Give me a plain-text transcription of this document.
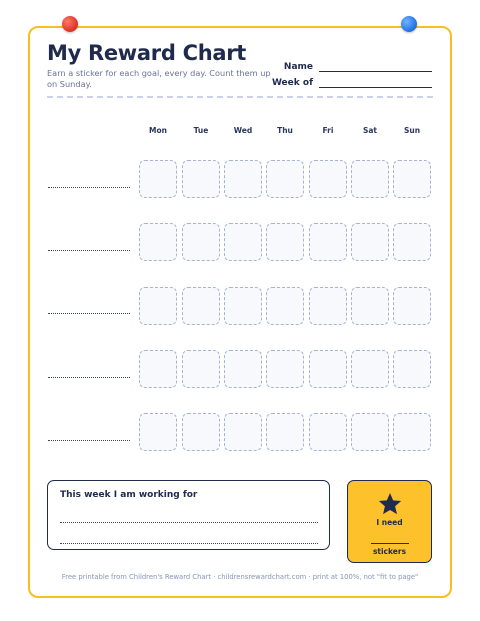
My Reward Chart
Earn a sticker for each goal, every day. Count them up on Sunday.
Name
Week of
Mon	Tue	Wed	Thu	Fri	Sat	Sun
This week I am working for
I need
stickers
Free printable from Children's Reward Chart · childrensrewardchart.com · print at 100%, not "fit to page"
